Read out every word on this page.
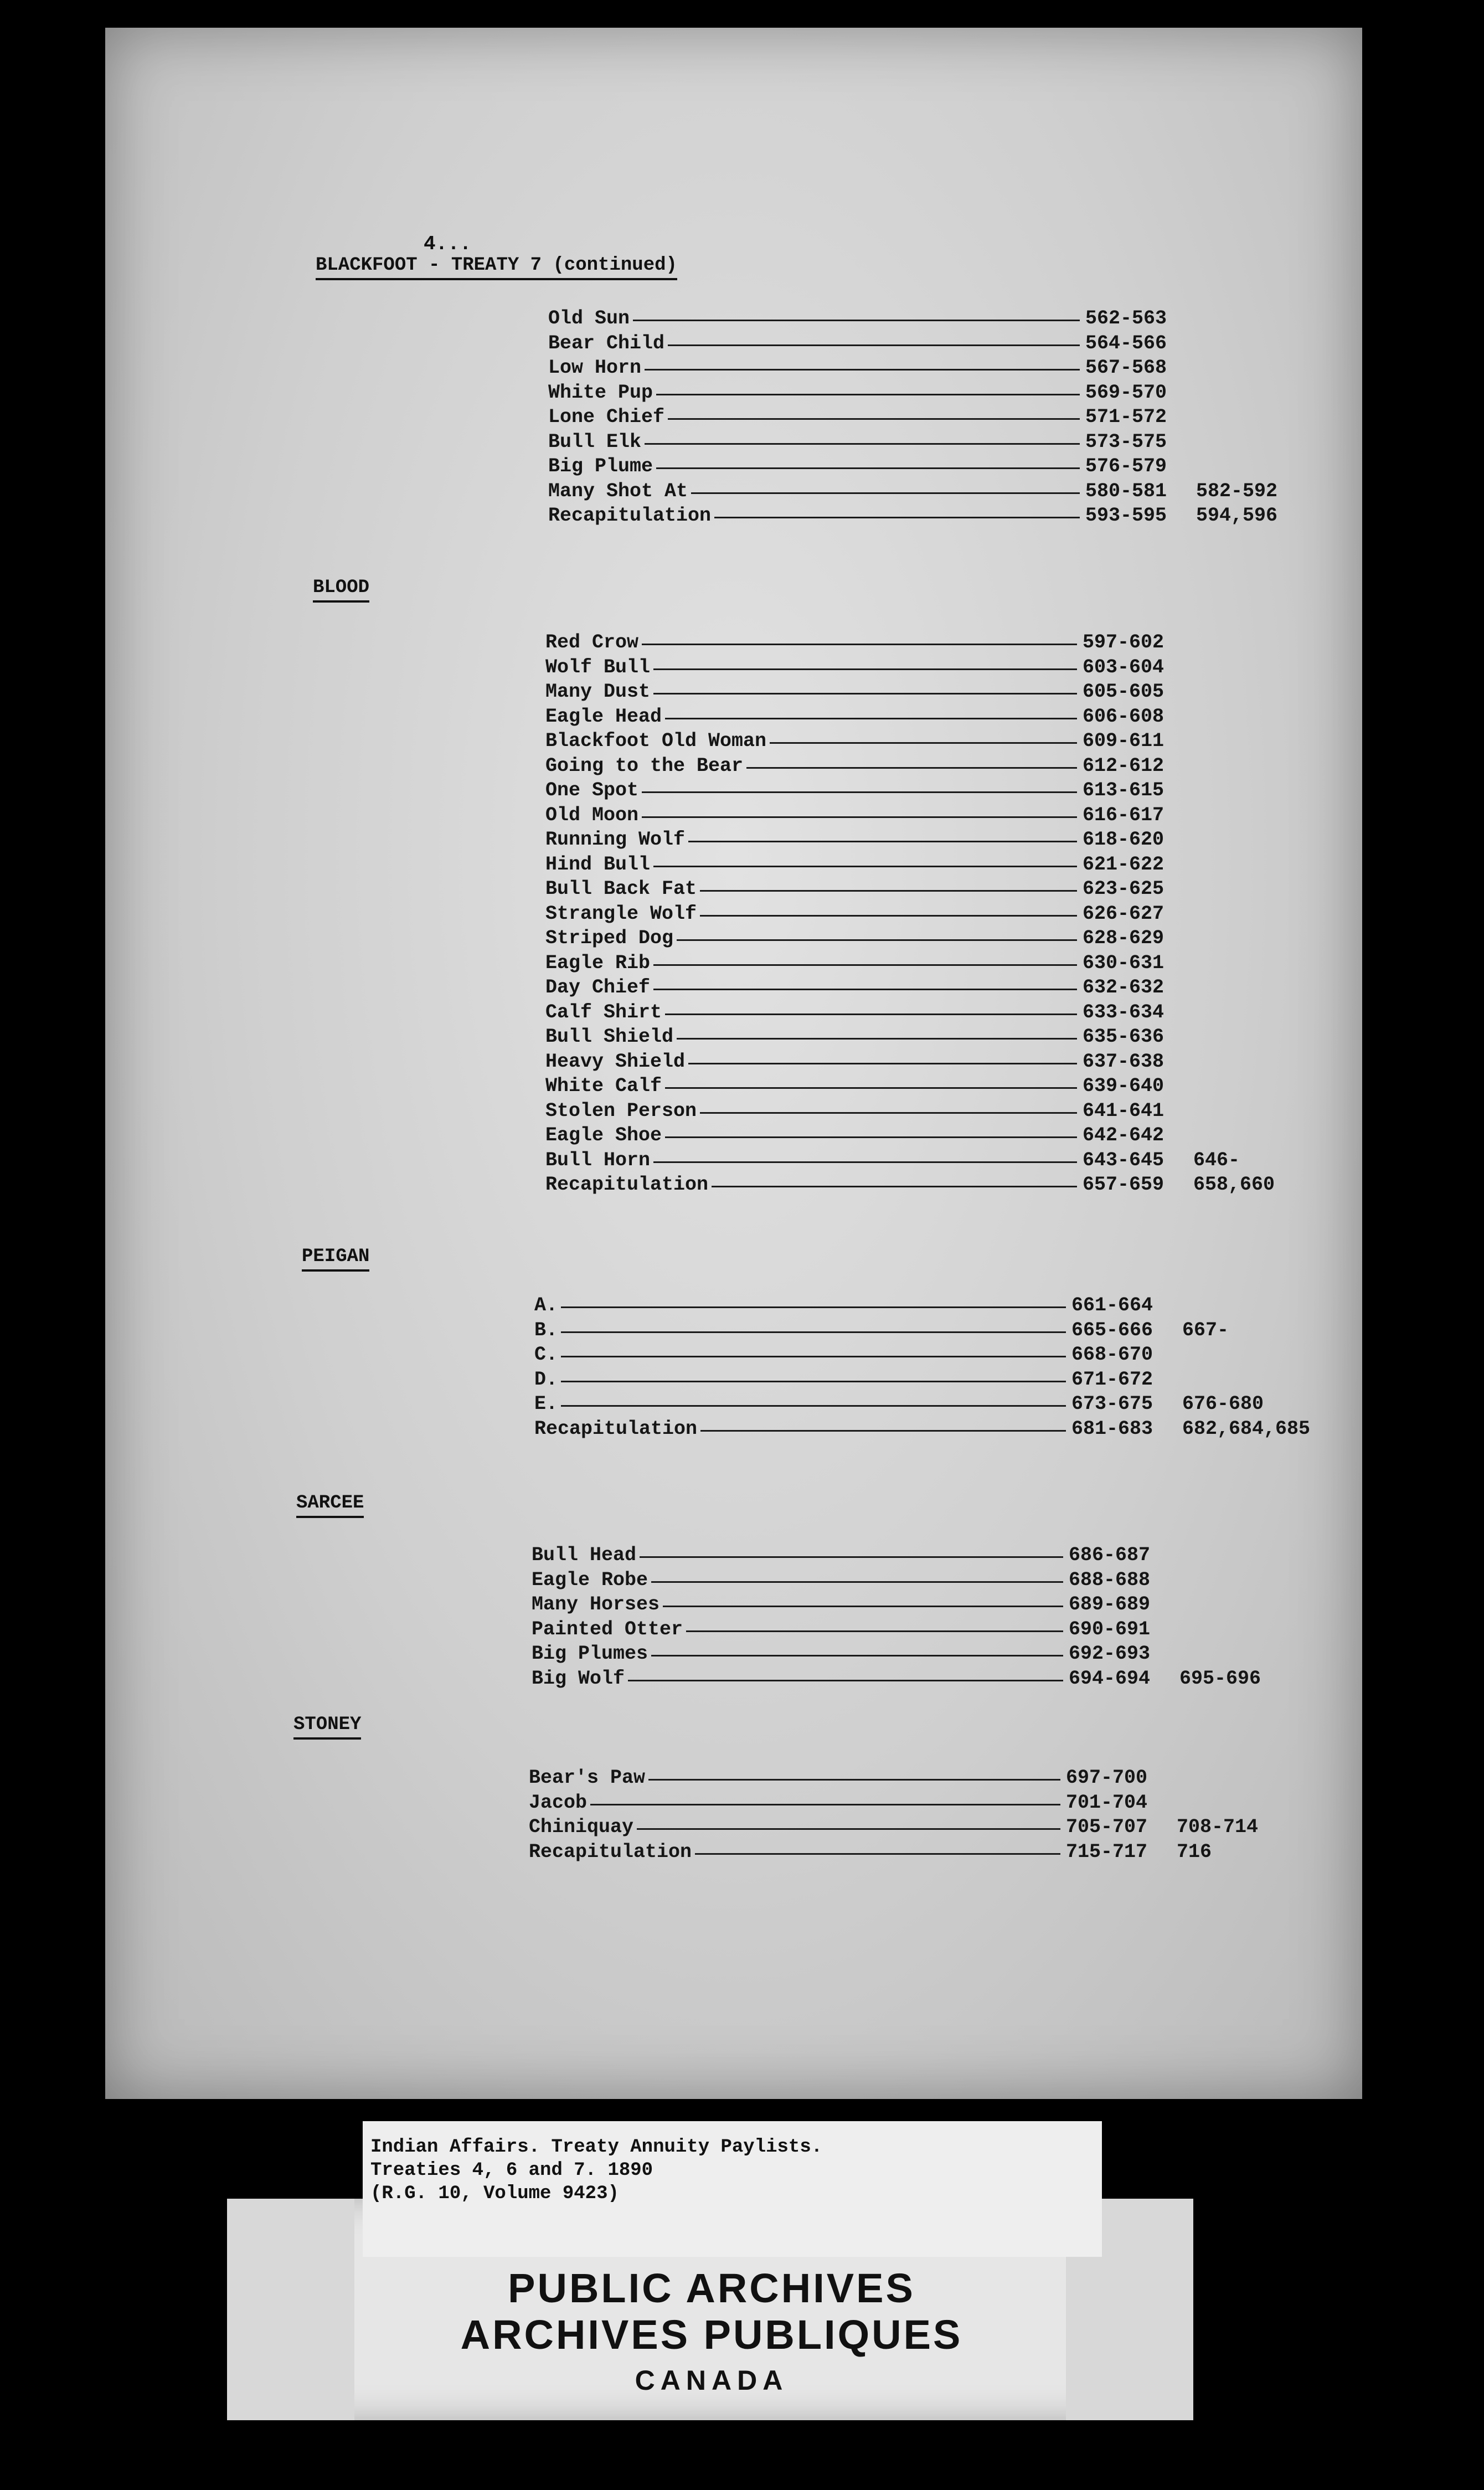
4...
BLACKFOOT - TREATY 7 (continued)
Old Sun	562-563
Bear Child	564-566
Low Horn	567-568
White Pup	569-570
Lone Chief	571-572
Bull Elk	573-575
Big Plume	576-579
Many Shot At	580-581 582-592
Recapitulation	593-595 594,596
BLOOD
Red Crow	597-602
Wolf Bull	603-604
Many Dust	605-605
Eagle Head	606-608
Blackfoot Old Woman	609-611
Going to the Bear	612-612
One Spot	613-615
Old Moon	616-617
Running Wolf	618-620
Hind Bull	621-622
Bull Back Fat	623-625
Strangle Wolf	626-627
Striped Dog	628-629
Eagle Rib	630-631
Day Chief	632-632
Calf Shirt	633-634
Bull Shield	635-636
Heavy Shield	637-638
White Calf	639-640
Stolen Person	641-641
Eagle Shoe	642-642
Bull Horn	643-645 646-
Recapitulation	657-659 658,660
PEIGAN
A.	661-664
B.	665-666 667-
C.	668-670
D.	671-672
E.	673-675 676-680
Recapitulation	681-683 682,684,685
SARCEE
Bull Head	686-687
Eagle Robe	688-688
Many Horses	689-689
Painted Otter	690-691
Big Plumes	692-693
Big Wolf	694-694 695-696
STONEY
Bear's Paw	697-700
Jacob	701-704
Chiniquay	705-707 708-714
Recapitulation	715-717 716
PUBLIC ARCHIVES
ARCHIVES PUBLIQUES
CANADA
Indian Affairs. Treaty Annuity Paylists.
Treaties 4, 6 and 7. 1890
(R.G. 10, Volume 9423)
